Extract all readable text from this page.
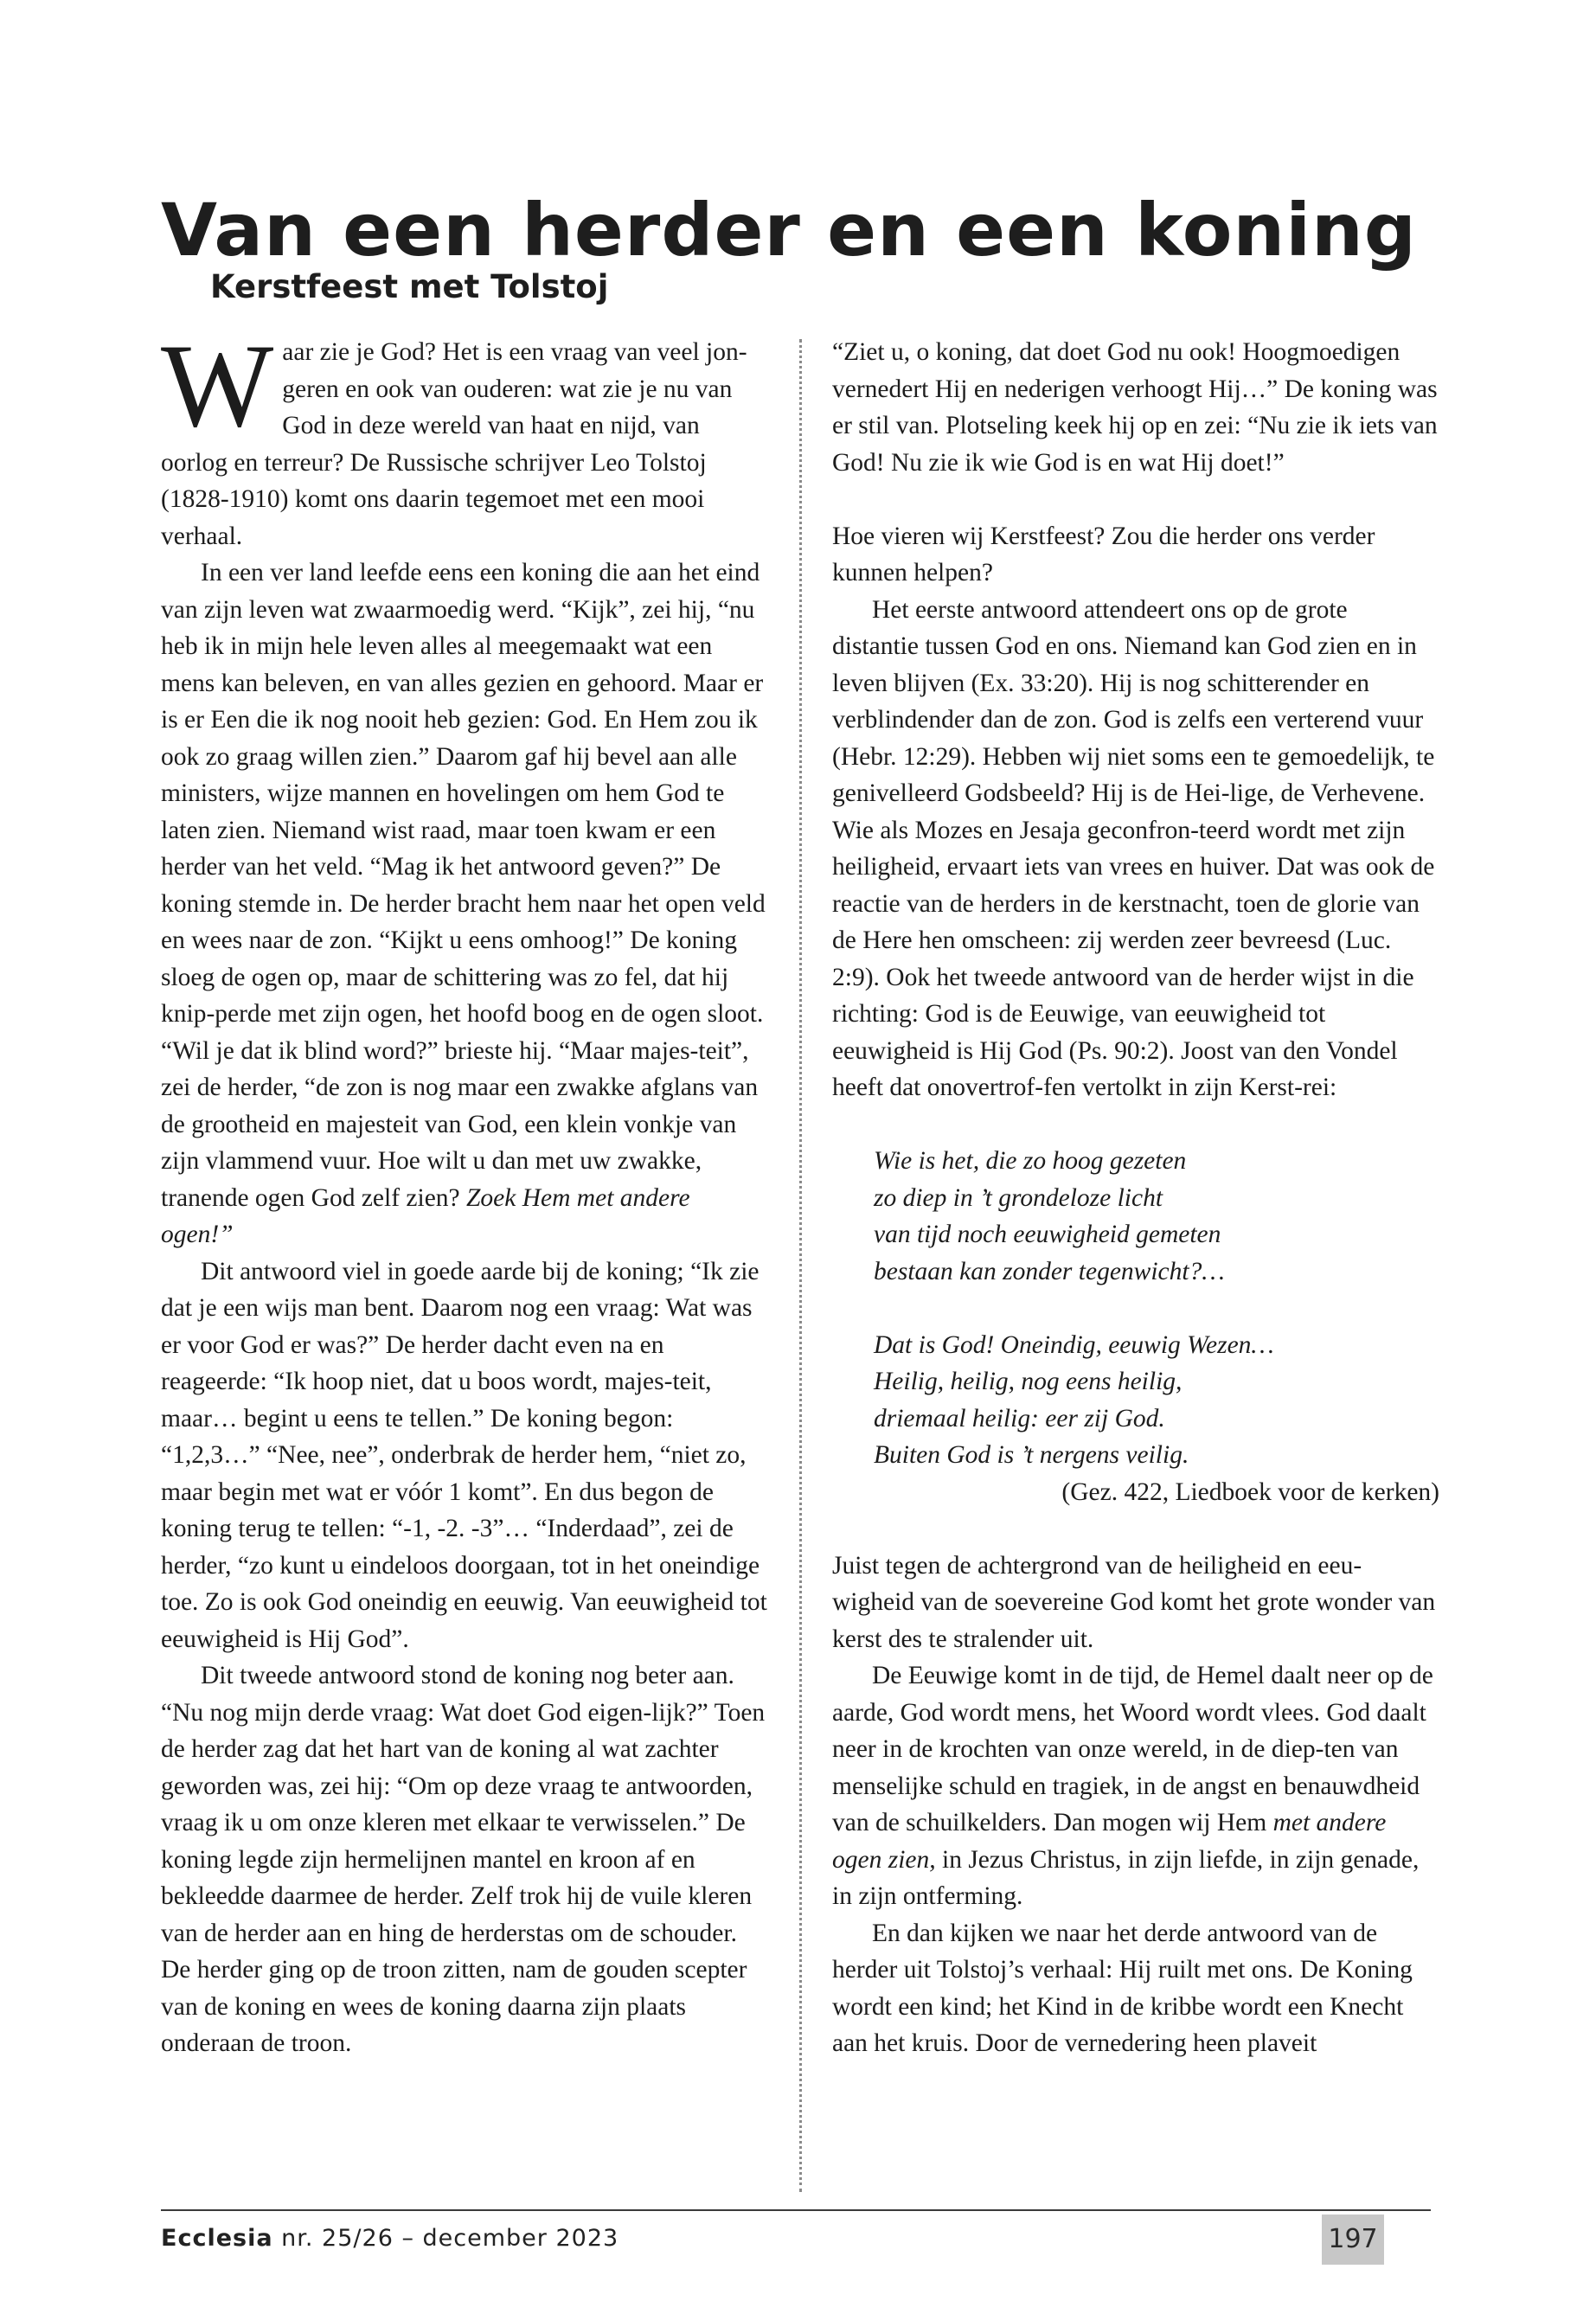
Van een herder en een koning
Kerstfeest met Tolstoj

Waar zie je God? Het is een vraag van veel jon-geren en ook van ouderen: wat zie je nu van God in deze wereld van haat en nijd, van oorlog en terreur? De Russische schrijver Leo Tolstoj (1828-1910) komt ons daarin tegemoet met een mooi verhaal.

In een ver land leefde eens een koning die aan het eind van zijn leven wat zwaarmoedig werd. “Kijk”, zei hij, “nu heb ik in mijn hele leven alles al meegemaakt wat een mens kan beleven, en van alles gezien en gehoord. Maar er is er Een die ik nog nooit heb gezien: God. En Hem zou ik ook zo graag willen zien.” Daarom gaf hij bevel aan alle ministers, wijze mannen en hovelingen om hem God te laten zien. Niemand wist raad, maar toen kwam er een herder van het veld. “Mag ik het antwoord geven?” De koning stemde in. De herder bracht hem naar het open veld en wees naar de zon. “Kijkt u eens omhoog!” De koning sloeg de ogen op, maar de schittering was zo fel, dat hij knip-perde met zijn ogen, het hoofd boog en de ogen sloot. “Wil je dat ik blind word?” brieste hij. “Maar majes-teit”, zei de herder, “de zon is nog maar een zwakke afglans van de grootheid en majesteit van God, een klein vonkje van zijn vlammend vuur. Hoe wilt u dan met uw zwakke, tranende ogen God zelf zien? Zoek Hem met andere ogen!”

Dit antwoord viel in goede aarde bij de koning; “Ik zie dat je een wijs man bent. Daarom nog een vraag: Wat was er voor God er was?” De herder dacht even na en reageerde: “Ik hoop niet, dat u boos wordt, majes-teit, maar… begint u eens te tellen.” De koning begon: “1,2,3…” “Nee, nee”, onderbrak de herder hem, “niet zo, maar begin met wat er vóór 1 komt”. En dus begon de koning terug te tellen: “-1, -2. -3”… “Inderdaad”, zei de herder, “zo kunt u eindeloos doorgaan, tot in het oneindige toe. Zo is ook God oneindig en eeuwig. Van eeuwigheid tot eeuwigheid is Hij God”.

Dit tweede antwoord stond de koning nog beter aan. “Nu nog mijn derde vraag: Wat doet God eigen-lijk?” Toen de herder zag dat het hart van de koning al wat zachter geworden was, zei hij: “Om op deze vraag te antwoorden, vraag ik u om onze kleren met elkaar te verwisselen.” De koning legde zijn hermelijnen mantel en kroon af en bekleedde daarmee de herder. Zelf trok hij de vuile kleren van de herder aan en hing de herderstas om de schouder. De herder ging op de troon zitten, nam de gouden scepter van de koning en wees de koning daarna zijn plaats onderaan de troon.

“Ziet u, o koning, dat doet God nu ook! Hoogmoedigen vernedert Hij en nederigen verhoogt Hij…” De koning was er stil van. Plotseling keek hij op en zei: “Nu zie ik iets van God! Nu zie ik wie God is en wat Hij doet!”

Hoe vieren wij Kerstfeest? Zou die herder ons verder kunnen helpen?

Het eerste antwoord attendeert ons op de grote distantie tussen God en ons. Niemand kan God zien en in leven blijven (Ex. 33:20). Hij is nog schitterender en verblindender dan de zon. God is zelfs een verterend vuur (Hebr. 12:29). Hebben wij niet soms een te gemoedelijk, te genivelleerd Godsbeeld? Hij is de Hei-lige, de Verhevene. Wie als Mozes en Jesaja geconfron-teerd wordt met zijn heiligheid, ervaart iets van vrees en huiver. Dat was ook de reactie van de herders in de kerstnacht, toen de glorie van de Here hen omscheen: zij werden zeer bevreesd (Luc. 2:9). Ook het tweede antwoord van de herder wijst in die richting: God is de Eeuwige, van eeuwigheid tot eeuwigheid is Hij God (Ps. 90:2). Joost van den Vondel heeft dat onovertrof-fen vertolkt in zijn Kerst-rei:

Wie is het, die zo hoog gezeten
zo diep in ’t grondeloze licht
van tijd noch eeuwigheid gemeten
bestaan kan zonder tegenwicht?…
Dat is God! Oneindig, eeuwig Wezen…
Heilig, heilig, nog eens heilig,
driemaal heilig: eer zij God.
Buiten God is ’t nergens veilig.
(Gez. 422, Liedboek voor de kerken)

Juist tegen de achtergrond van de heiligheid en eeu-wigheid van de soevereine God komt het grote wonder van kerst des te stralender uit.

De Eeuwige komt in de tijd, de Hemel daalt neer op de aarde, God wordt mens, het Woord wordt vlees. God daalt neer in de krochten van onze wereld, in de diep-ten van menselijke schuld en tragiek, in de angst en benauwdheid van de schuilkelders. Dan mogen wij Hem met andere ogen zien, in Jezus Christus, in zijn liefde, in zijn genade, in zijn ontferming.

En dan kijken we naar het derde antwoord van de herder uit Tolstoj’s verhaal: Hij ruilt met ons. De Koning wordt een kind; het Kind in de kribbe wordt een Knecht aan het kruis. Door de vernedering heen plaveit

Ecclesia nr. 25/26 – december 2023	197
